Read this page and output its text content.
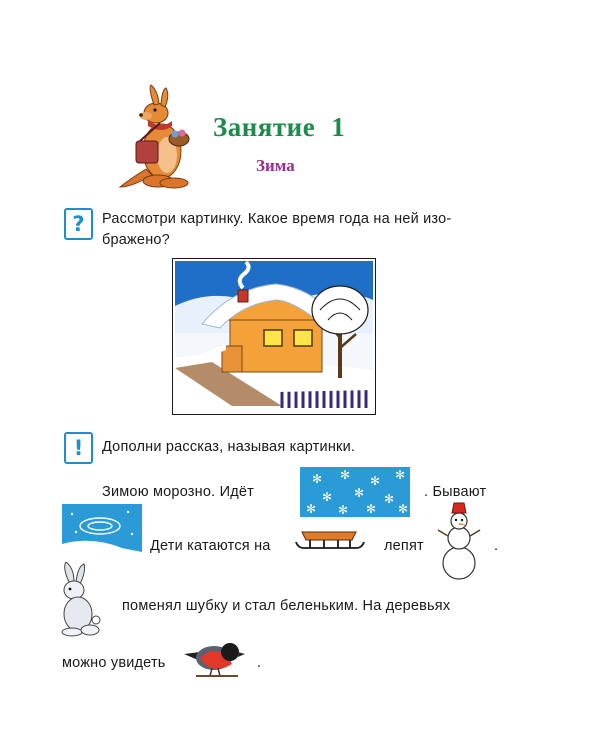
Занятие 1
Зима
?	Рассмотри картинку. Какое время года на ней изо-
бражено?
!	Дополни рассказ, называя картинки.
Зимою морозно. Идёт
✻ ✻ ✻ ✻
✻ ✻ ✻
✻ ✻ ✻ ✻
. Бывают
Дети катаются на	лепят	.
поменял шубку и стал беленьким. На деревьях
можно увидеть	.
